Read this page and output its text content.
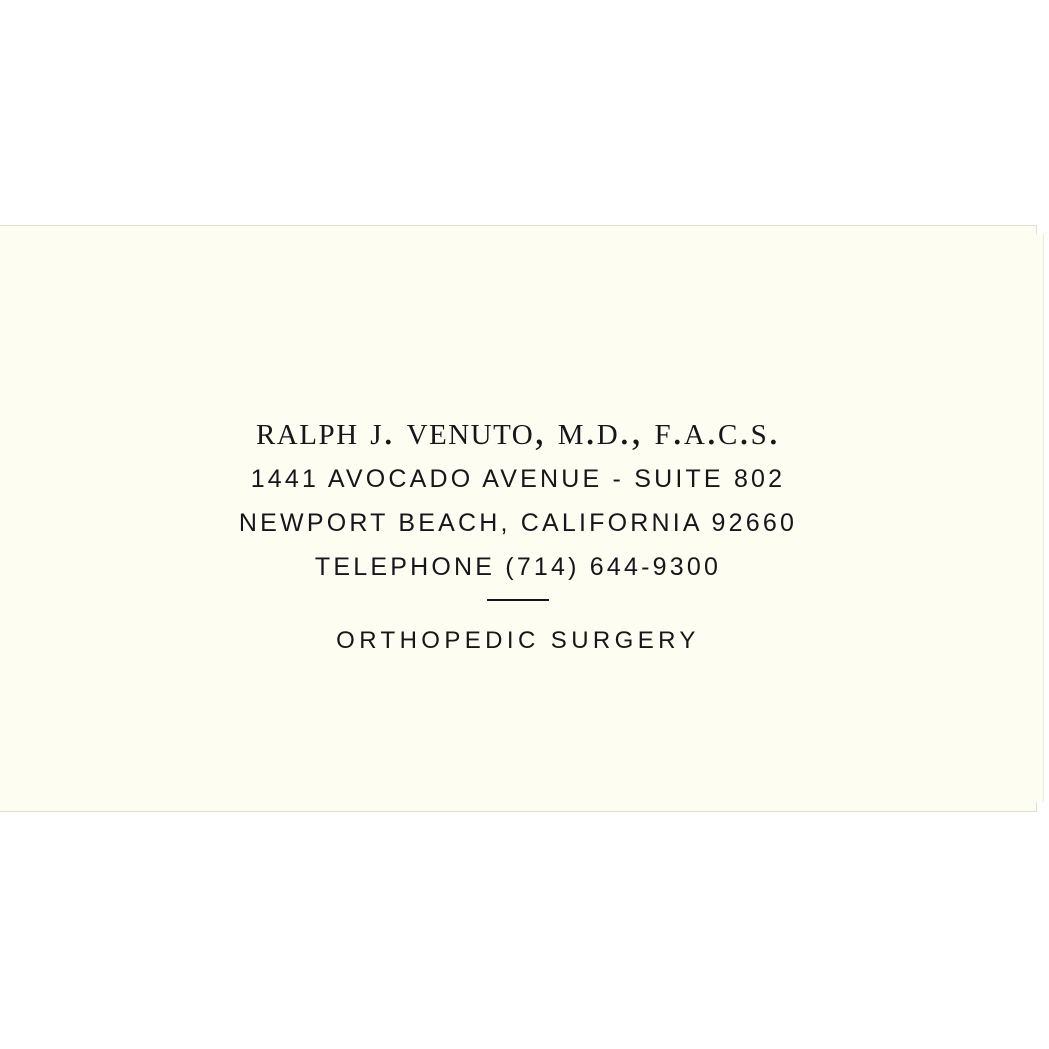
ralph j. venuto, m.d., f.a.c.s.
1441 AVOCADO AVENUE - SUITE 802
NEWPORT BEACH, CALIFORNIA 92660
TELEPHONE (714) 644-9300
ORTHOPEDIC SURGERY
